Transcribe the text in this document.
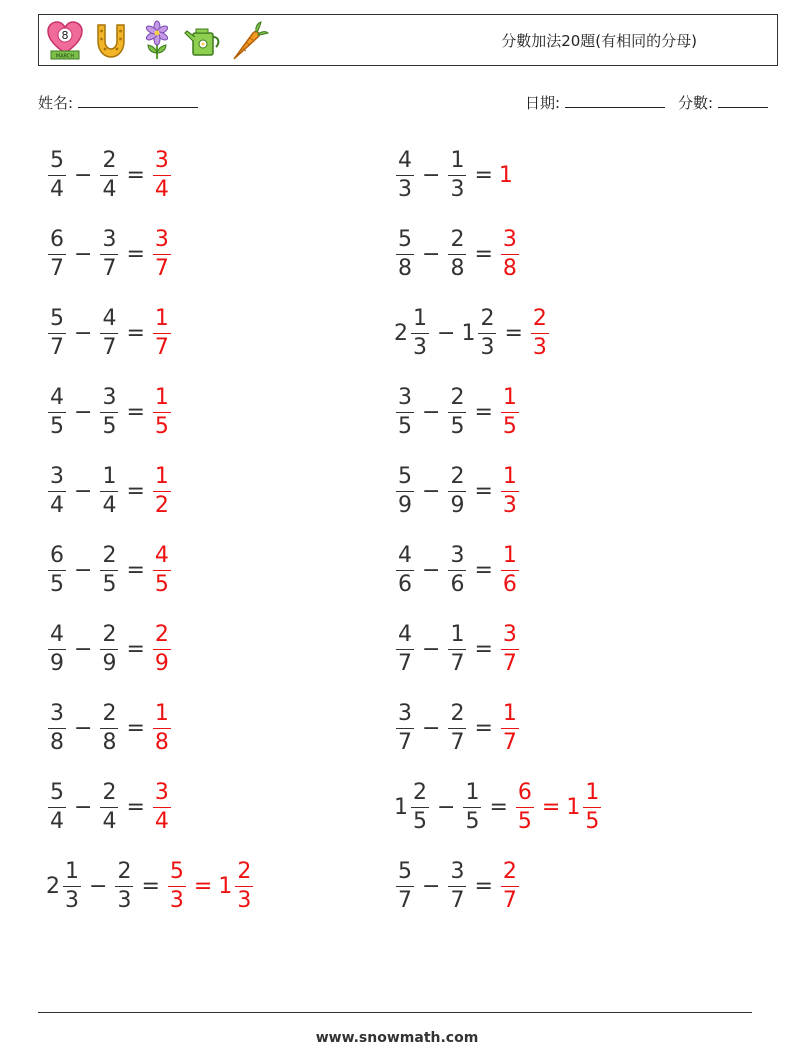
8
MARCH
分數加法20題(有相同的分母)
姓名:	日期:	分數:
$\frac{5}{4} - \frac{2}{4} = \frac{3}{4}$	$\frac{4}{3} - \frac{1}{3} = 1$
$\frac{6}{7} - \frac{3}{7} = \frac{3}{7}$	$\frac{5}{8} - \frac{2}{8} = \frac{3}{8}$
$\frac{5}{7} - \frac{4}{7} = \frac{1}{7}$	$2 \frac{1}{3} - 1 \frac{2}{3} = \frac{2}{3}$
$\frac{4}{5} - \frac{3}{5} = \frac{1}{5}$	$\frac{3}{5} - \frac{2}{5} = \frac{1}{5}$
$\frac{3}{4} - \frac{1}{4} = \frac{1}{2}$	$\frac{5}{9} - \frac{2}{9} = \frac{1}{3}$
$\frac{6}{5} - \frac{2}{5} = \frac{4}{5}$	$\frac{4}{6} - \frac{3}{6} = \frac{1}{6}$
$\frac{4}{9} - \frac{2}{9} = \frac{2}{9}$	$\frac{4}{7} - \frac{1}{7} = \frac{3}{7}$
$\frac{3}{8} - \frac{2}{8} = \frac{1}{8}$	$\frac{3}{7} - \frac{2}{7} = \frac{1}{7}$
$\frac{5}{4} - \frac{2}{4} = \frac{3}{4}$	$1 \frac{2}{5} - \frac{1}{5} = \frac{6}{5} = 1 \frac{1}{5}$
$2 \frac{1}{3} - \frac{2}{3} = \frac{5}{3} = 1 \frac{2}{3}$	$\frac{5}{7} - \frac{3}{7} = \frac{2}{7}$
www.snowmath.com
